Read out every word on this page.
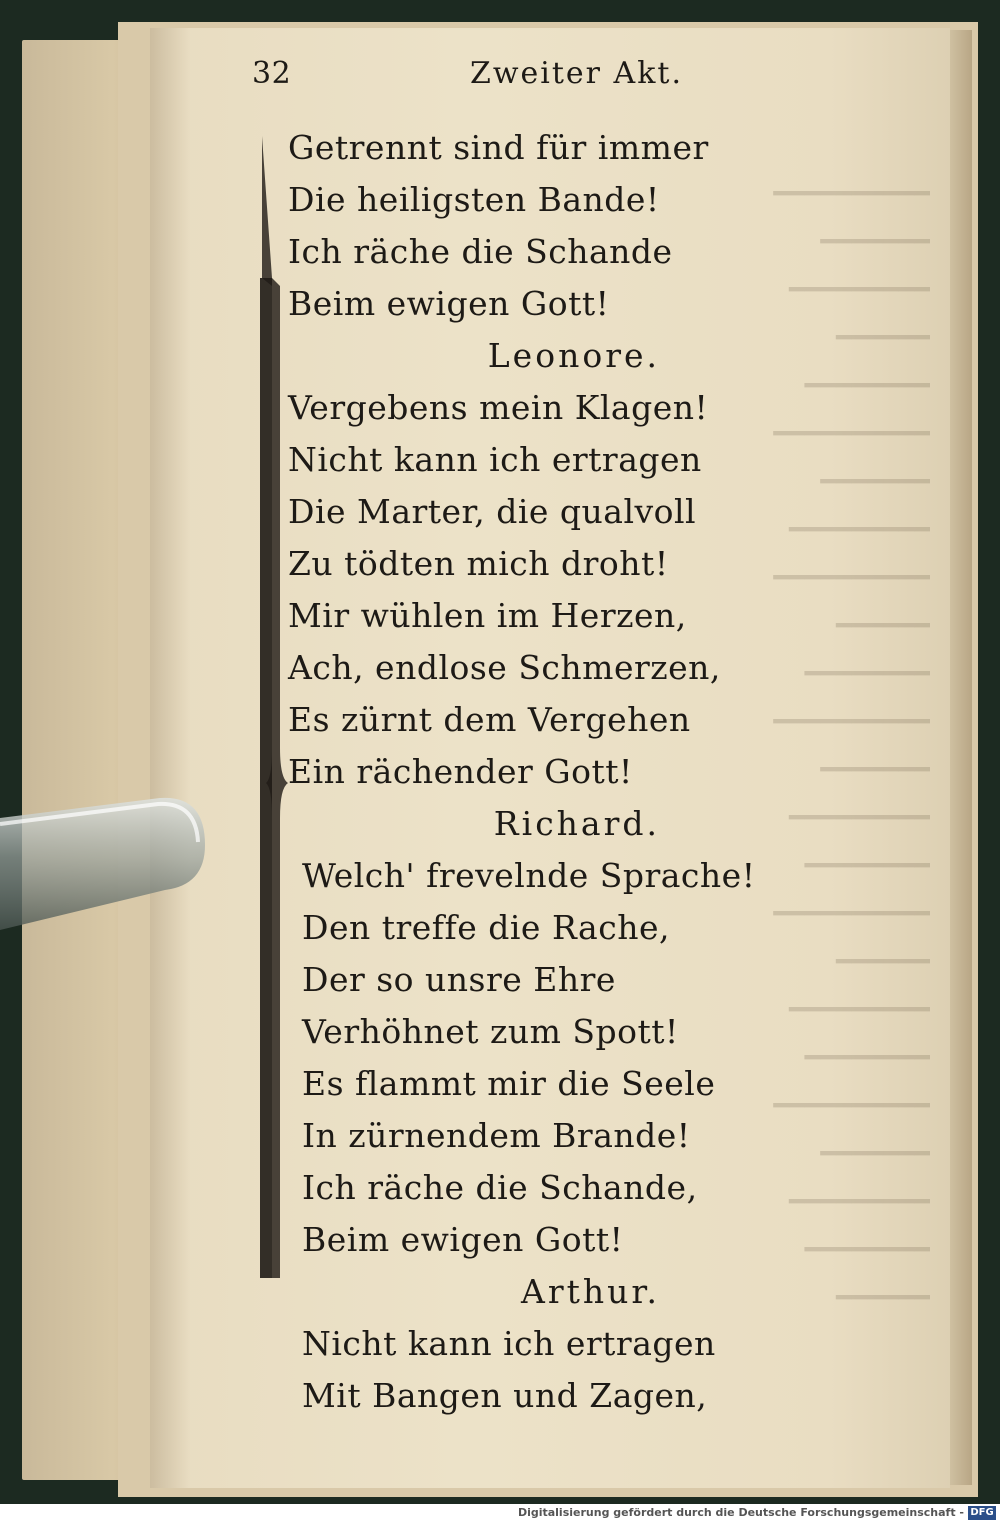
━━━━━━━━━━
━━━━━━━
━━━━━━━━━
━━━━━━
━━━━━━━━
━━━━━━━━━━
━━━━━━━
━━━━━━━━━
━━━━━━━━━━
━━━━━━
━━━━━━━━
━━━━━━━━━━
━━━━━━━
━━━━━━━━━
━━━━━━━━
━━━━━━━━━━
━━━━━━
━━━━━━━━━
━━━━━━━━
━━━━━━━━━━
━━━━━━━
━━━━━━━━━
━━━━━━━━
━━━━━━
32	Zweiter Akt.
Getrennt sind für immer
Die heiligsten Bande!
Ich räche die Schande
Beim ewigen Gott!
Leonore.
Vergebens mein Klagen!
Nicht kann ich ertragen
Die Marter, die qualvoll
Zu tödten mich droht!
Mir wühlen im Herzen,
Ach, endlose Schmerzen,
Es zürnt dem Vergehen
Ein rächender Gott!
Richard.
Welch' frevelnde Sprache!
Den treffe die Rache,
Der so unsre Ehre
Verhöhnet zum Spott!
Es flammt mir die Seele
In zürnendem Brande!
Ich räche die Schande,
Beim ewigen Gott!
Arthur.
Nicht kann ich ertragen
Mit Bangen und Zagen,
Digitalisierung gefördert durch die Deutsche Forschungsgemeinschaft - DFG
